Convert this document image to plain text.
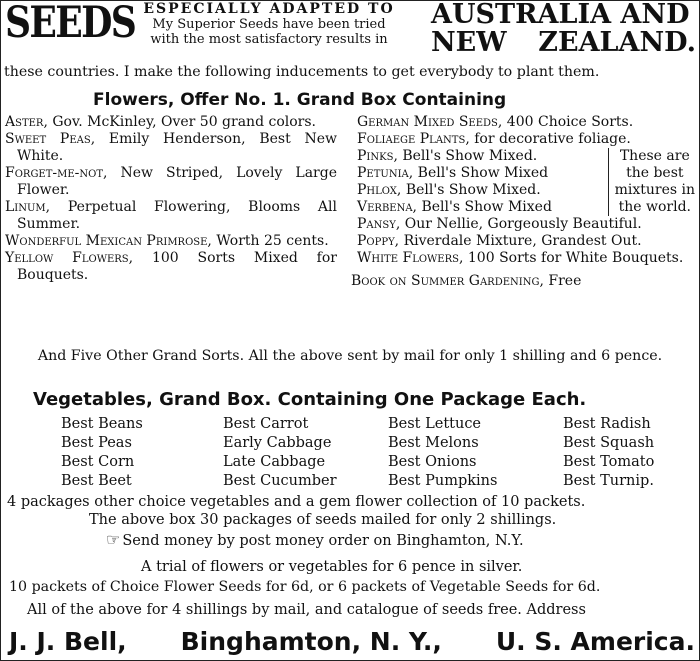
SEEDS ESPECIALLY ADAPTED TO
My Superior Seeds have been tried
with the most satisfactory results in
AUSTRALIA AND
NEW ZEALAND.
these countries. I make the following inducements to get everybody to plant them.
Flowers, Offer No. 1. Grand Box Containing

Aster, Gov. McKinley, Over 50 grand colors.

Sweet Peas, Emily Henderson, Best New White.

Forget-me-not, New Striped, Lovely Large Flower.

Linum, Perpetual Flowering, Blooms All Summer.

Wonderful Mexican Primrose, Worth 25 cents.

Yellow Flowers, 100 Sorts Mixed for Bouquets.

German Mixed Seeds, 400 Choice Sorts.

Foliaege Plants, for decorative foliage.

Pinks, Bell's Show Mixed.

Petunia, Bell's Show Mixed

Phlox, Bell's Show Mixed.

Verbena, Bell's Show Mixed

These are
the best
mixtures in
the world.

Pansy, Our Nellie, Gorgeously Beautiful.

Poppy, Riverdale Mixture, Grandest Out.

White Flowers, 100 Sorts for White Bouquets.

Book on Summer Gardening, Free

And Five Other Grand Sorts. All the above sent by mail for only 1 shilling and 6 pence.
Vegetables, Grand Box. Containing One Package Each.
Best Beans
Best Peas
Best Corn
Best Beet
Best Carrot
Early Cabbage
Late Cabbage
Best Cucumber
Best Lettuce
Best Melons
Best Onions
Best Pumpkins
Best Radish
Best Squash
Best Tomato
Best Turnip.
4 packages other choice vegetables and a gem flower collection of 10 packets.
The above box 30 packages of seeds mailed for only 2 shillings.
☞ Send money by post money order on Binghamton, N.Y.
A trial of flowers or vegetables for 6 pence in silver.
10 packets of Choice Flower Seeds for 6d, or 6 packets of Vegetable Seeds for 6d.
All of the above for 4 shillings by mail, and catalogue of seeds free. Address
J. J. Bell, Binghamton, N. Y., U. S. America.
